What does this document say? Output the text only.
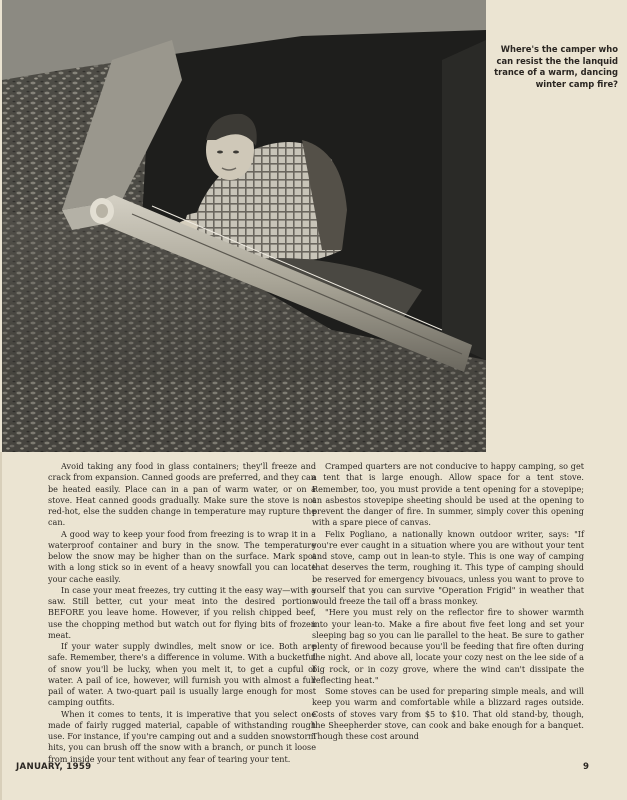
Where's the camper who can resist the the lanquid trance of a warm, dancing winter camp fire?

Avoid taking any food in glass containers; they'll freeze and crack from expansion. Canned goods are preferred, and they can be heated easily. Place can in a pan of warm water, or on a stove. Heat canned goods gradually. Make sure the stove is not red-hot, else the sudden change in temperature may rupture the can.

A good way to keep your food from freezing is to wrap it in a waterproof container and bury in the snow. The temperature below the snow may be higher than on the surface. Mark spot with a long stick so in event of a heavy snowfall you can locate your cache easily.

In case your meat freezes, try cutting it the easy way—with a saw. Still better, cut your meat into the desired portions BEFORE you leave home. However, if you relish chipped beef, use the chopping method but watch out for flying bits of frozen meat.

If your water supply dwindles, melt snow or ice. Both are safe. Remember, there's a difference in volume. With a bucketful of snow you'll be lucky, when you melt it, to get a cupful of water. A pail of ice, however, will furnish you with almost a full pail of water. A two-quart pail is usually large enough for most camping outfits.

When it comes to tents, it is imperative that you select one made of fairly rugged material, capable of withstanding rough use. For instance, if you're camping out and a sudden snowstorm hits, you can brush off the snow with a branch, or punch it loose from inside your tent without any fear of tearing your tent.

Cramped quarters are not conducive to happy camping, so get a tent that is large enough. Allow space for a tent stove. Remember, too, you must provide a tent opening for a stovepipe; an asbestos stovepipe sheeting should be used at the opening to prevent the danger of fire. In summer, simply cover this opening with a spare piece of canvas.

Felix Pogliano, a nationally known outdoor writer, says: "If you're ever caught in a situation where you are without your tent and stove, camp out in lean-to style. This is one way of camping that deserves the term, roughing it. This type of camping should be reserved for emergency bivouacs, unless you want to prove to yourself that you can survive "Operation Frigid" in weather that would freeze the tail off a brass monkey.

"Here you must rely on the reflector fire to shower warmth into your lean-to. Make a fire about five feet long and set your sleeping bag so you can lie parallel to the heat. Be sure to gather plenty of firewood because you'll be feeding that fire often during the night. And above all, locate your cozy nest on the lee side of a big rock, or in cozy grove, where the wind can't dissipate the reflecting heat."

Some stoves can be used for preparing simple meals, and will keep you warm and comfortable while a blizzard rages outside. Costs of stoves vary from $5 to $10. That old stand-by, though, the Sheepherder stove, can cook and bake enough for a banquet. Though these cost around

JANUARY, 1959	9
